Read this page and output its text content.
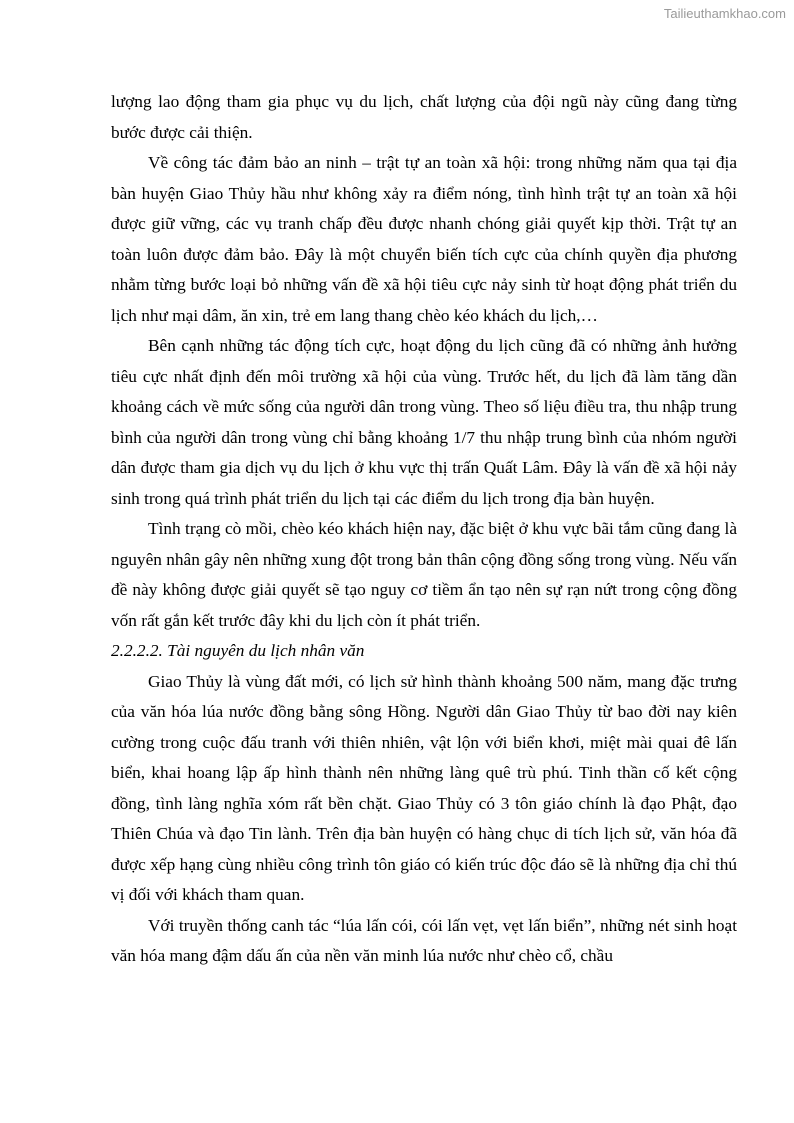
Tailieuthamkhao.com

lượng lao động tham gia phục vụ du lịch, chất lượng của đội ngũ này cũng đang từng bước được cải thiện.

Về công tác đảm bảo an ninh – trật tự an toàn xã hội: trong những năm qua tại địa bàn huyện Giao Thủy hầu như không xảy ra điểm nóng, tình hình trật tự an toàn xã hội được giữ vững, các vụ tranh chấp đều được nhanh chóng giải quyết kịp thời. Trật tự an toàn luôn được đảm bảo. Đây là một chuyển biến tích cực của chính quyền địa phương nhằm từng bước loại bỏ những vấn đề xã hội tiêu cực nảy sinh từ hoạt động phát triển du lịch như mại dâm, ăn xin, trẻ em lang thang chèo kéo khách du lịch,…

Bên cạnh những tác động tích cực, hoạt động du lịch cũng đã có những ảnh hưởng tiêu cực nhất định đến môi trường xã hội của vùng. Trước hết, du lịch đã làm tăng dần khoảng cách về mức sống của người dân trong vùng. Theo số liệu điều tra, thu nhập trung bình của người dân trong vùng chỉ bằng khoảng 1/7 thu nhập trung bình của nhóm người dân được tham gia dịch vụ du lịch ở khu vực thị trấn Quất Lâm. Đây là vấn đề xã hội nảy sinh trong quá trình phát triển du lịch tại các điểm du lịch trong địa bàn huyện.

Tình trạng cò mồi, chèo kéo khách hiện nay, đặc biệt ở khu vực bãi tắm cũng đang là nguyên nhân gây nên những xung đột trong bản thân cộng đồng sống trong vùng. Nếu vấn đề này không được giải quyết sẽ tạo nguy cơ tiềm ẩn tạo nên sự rạn nứt trong cộng đồng vốn rất gắn kết trước đây khi du lịch còn ít phát triển.

2.2.2.2. Tài nguyên du lịch nhân văn

Giao Thủy là vùng đất mới, có lịch sử hình thành khoảng 500 năm, mang đặc trưng của văn hóa lúa nước đồng bằng sông Hồng. Người dân Giao Thủy từ bao đời nay kiên cường trong cuộc đấu tranh với thiên nhiên, vật lộn với biển khơi, miệt mài quai đê lấn biển, khai hoang lập ấp hình thành nên những làng quê trù phú. Tinh thần cố kết cộng đồng, tình làng nghĩa xóm rất bền chặt. Giao Thủy có 3 tôn giáo chính là đạo Phật, đạo Thiên Chúa và đạo Tin lành. Trên địa bàn huyện có hàng chục di tích lịch sử, văn hóa đã được xếp hạng cùng nhiều công trình tôn giáo có kiến trúc độc đáo sẽ là những địa chỉ thú vị đối với khách tham quan.

Với truyền thống canh tác “lúa lấn cói, cói lấn vẹt, vẹt lấn biển”, những nét sinh hoạt văn hóa mang đậm dấu ấn của nền văn minh lúa nước như chèo cổ, chầu
